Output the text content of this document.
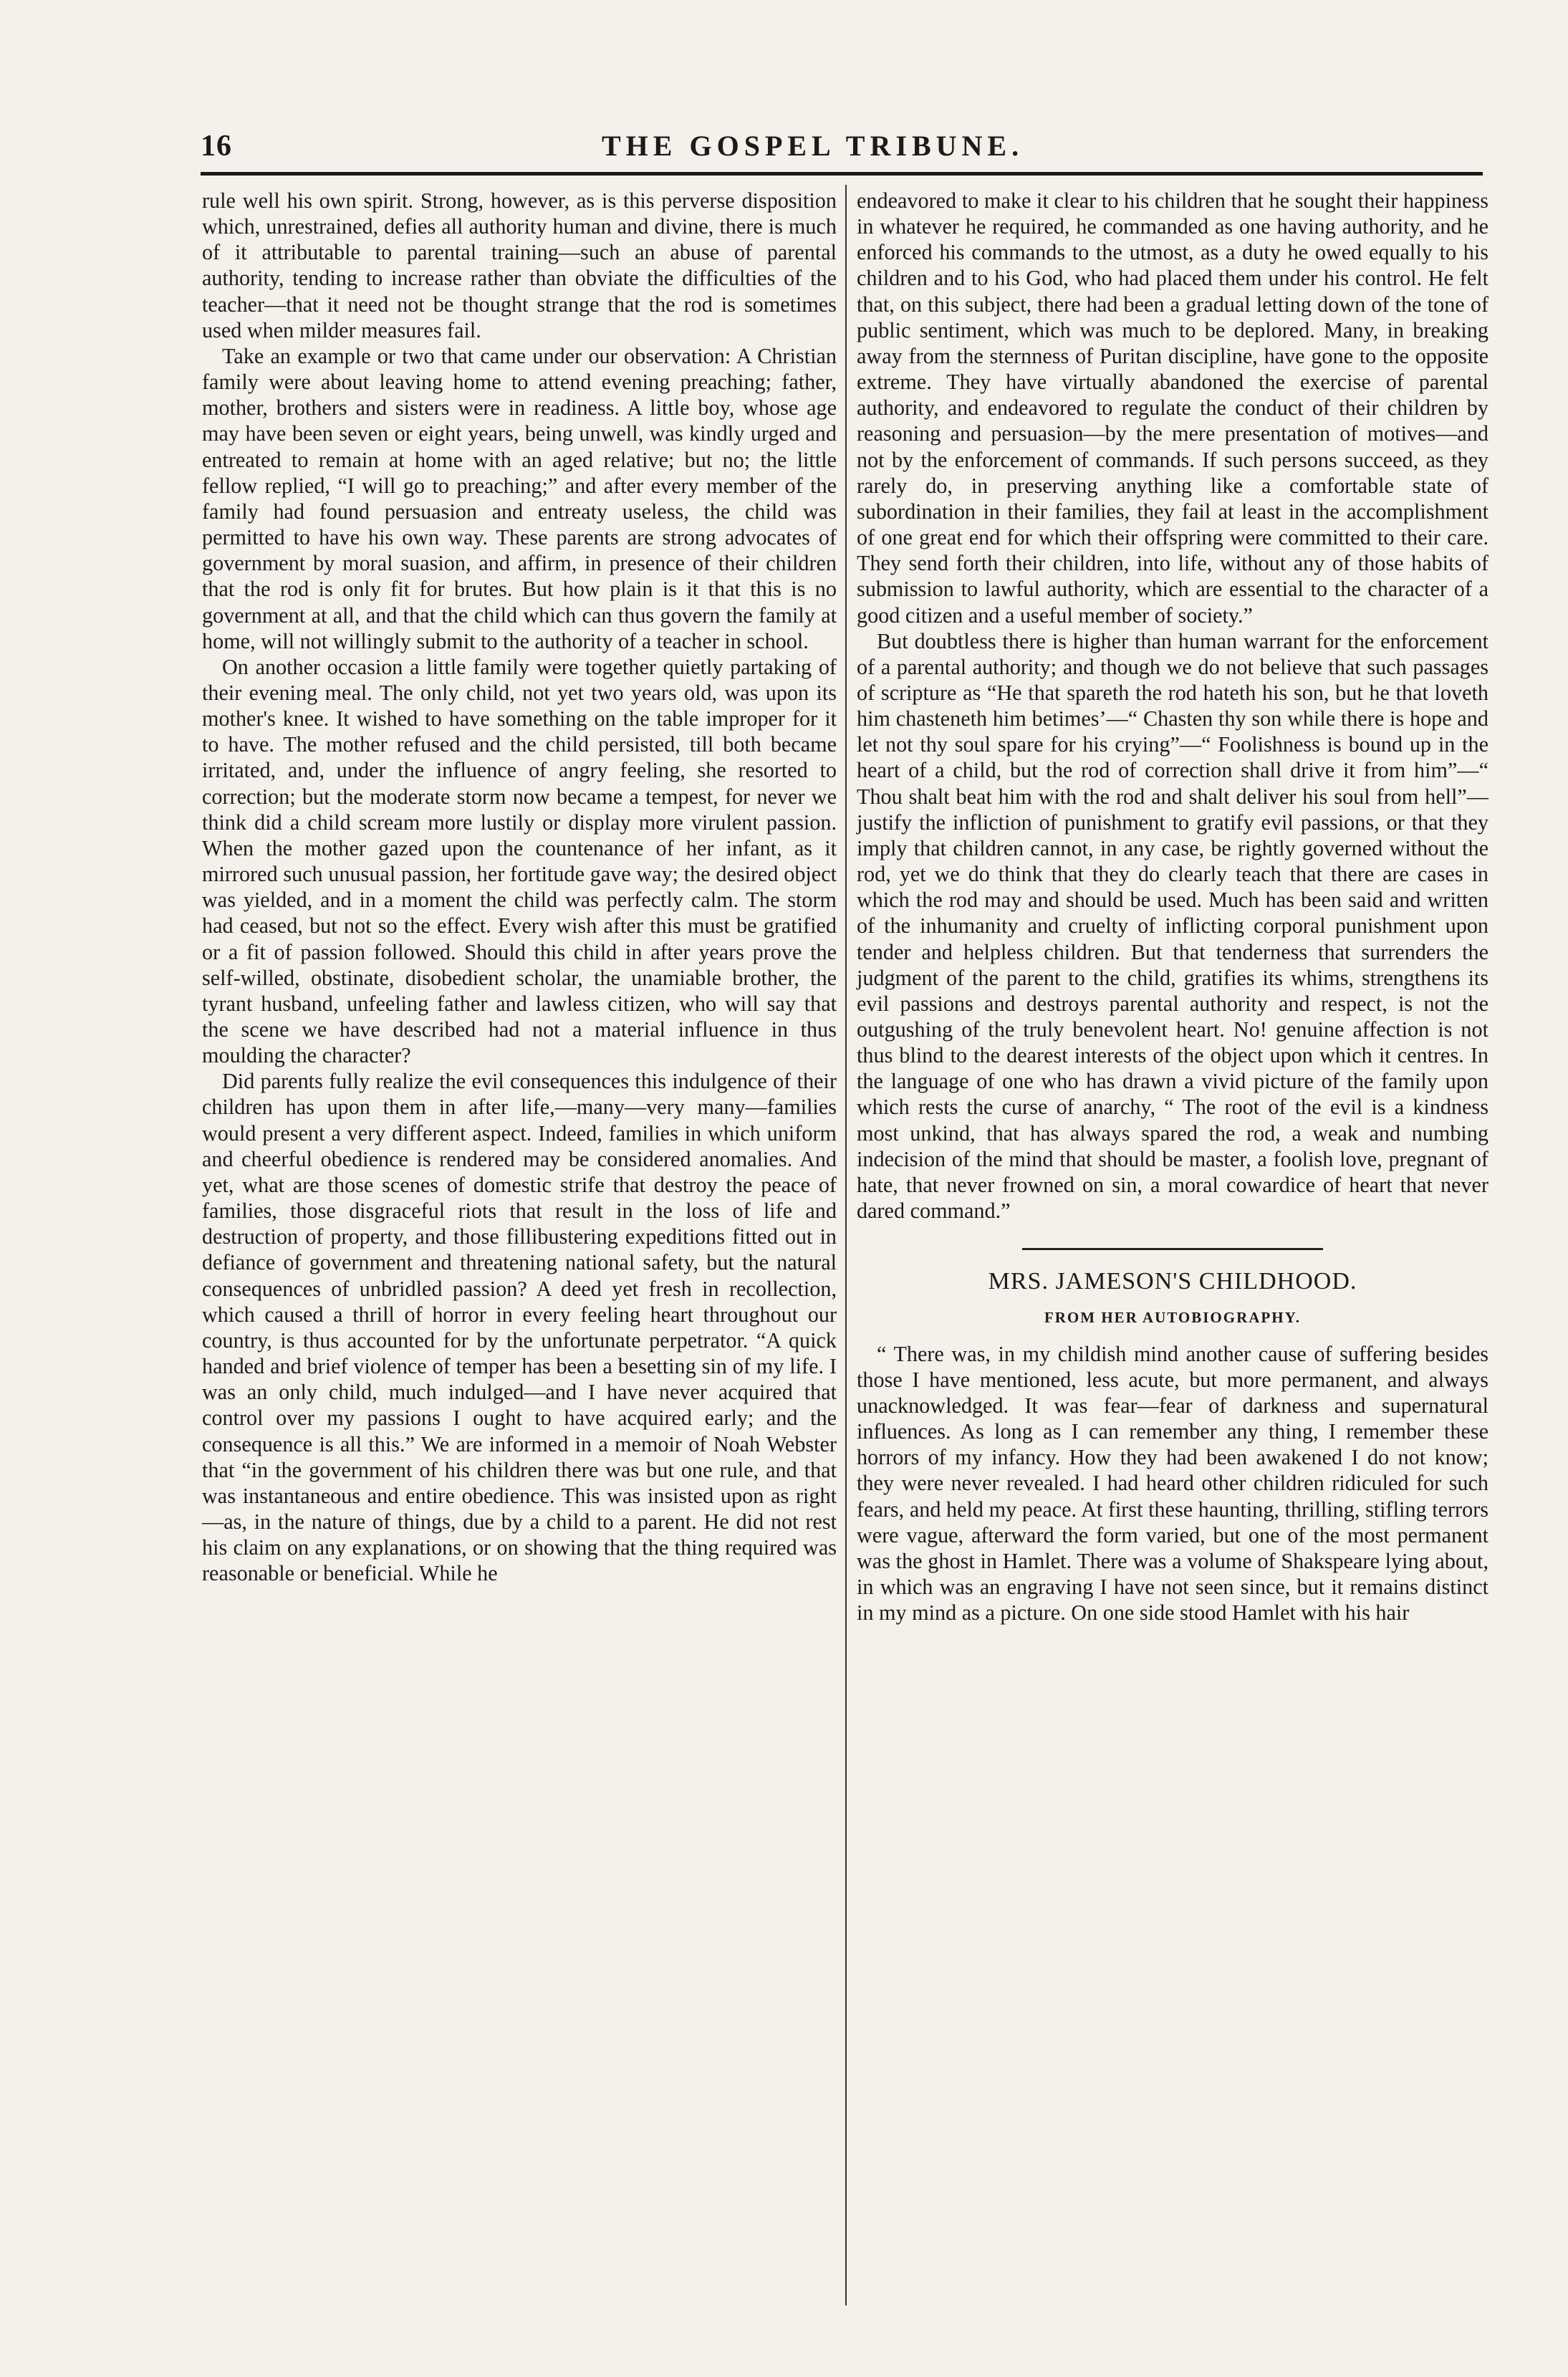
16	THE GOSPEL TRIBUNE.

rule well his own spirit. Strong, however, as is this perverse disposition which, unrestrained, defies all authority human and divine, there is much of it attributable to parental training—such an abuse of parental authority, tending to increase rather than obviate the difficulties of the teacher—that it need not be thought strange that the rod is sometimes used when milder measures fail.

Take an example or two that came under our observation: A Christian family were about leaving home to attend evening preaching; father, mother, brothers and sisters were in readiness. A little boy, whose age may have been seven or eight years, being unwell, was kindly urged and entreated to remain at home with an aged relative; but no; the little fellow replied, “I will go to preaching;” and after every member of the family had found persuasion and entreaty useless, the child was permitted to have his own way. These parents are strong advocates of government by moral suasion, and affirm, in presence of their children that the rod is only fit for brutes. But how plain is it that this is no government at all, and that the child which can thus govern the family at home, will not willingly submit to the authority of a teacher in school.

On another occasion a little family were together quietly partaking of their evening meal. The only child, not yet two years old, was upon its mother's knee. It wished to have something on the table improper for it to have. The mother refused and the child persisted, till both became irritated, and, under the influence of angry feeling, she resorted to correction; but the moderate storm now became a tempest, for never we think did a child scream more lustily or display more virulent passion. When the mother gazed upon the countenance of her infant, as it mirrored such unusual passion, her fortitude gave way; the desired object was yielded, and in a moment the child was perfectly calm. The storm had ceased, but not so the effect. Every wish after this must be gratified or a fit of passion followed. Should this child in after years prove the self-willed, obstinate, disobedient scholar, the unamiable brother, the tyrant husband, unfeeling father and lawless citizen, who will say that the scene we have described had not a material influence in thus moulding the character?

Did parents fully realize the evil consequences this indulgence of their children has upon them in after life,—many—very many—families would present a very different aspect. Indeed, families in which uniform and cheerful obedience is rendered may be considered anomalies. And yet, what are those scenes of domestic strife that destroy the peace of families, those disgraceful riots that result in the loss of life and destruction of property, and those fillibustering expeditions fitted out in defiance of government and threatening national safety, but the natural consequences of unbridled passion? A deed yet fresh in recollection, which caused a thrill of horror in every feeling heart throughout our country, is thus accounted for by the unfortunate perpetrator. “A quick handed and brief violence of temper has been a besetting sin of my life. I was an only child, much indulged—and I have never acquired that control over my passions I ought to have acquired early; and the consequence is all this.” We are informed in a memoir of Noah Webster that “in the government of his children there was but one rule, and that was instantaneous and entire obedience. This was insisted upon as right—as, in the nature of things, due by a child to a parent. He did not rest his claim on any explanations, or on showing that the thing required was reasonable or beneficial. While he

endeavored to make it clear to his children that he sought their happiness in whatever he required, he commanded as one having authority, and he enforced his commands to the utmost, as a duty he owed equally to his children and to his God, who had placed them under his control. He felt that, on this subject, there had been a gradual letting down of the tone of public sentiment, which was much to be deplored. Many, in breaking away from the sternness of Puritan discipline, have gone to the opposite extreme. They have virtually abandoned the exercise of parental authority, and endeavored to regulate the conduct of their children by reasoning and persuasion—by the mere presentation of motives—and not by the enforcement of commands. If such persons succeed, as they rarely do, in preserving anything like a comfortable state of subordination in their families, they fail at least in the accomplishment of one great end for which their offspring were committed to their care. They send forth their children, into life, without any of those habits of submission to lawful authority, which are essential to the character of a good citizen and a useful member of society.”

But doubtless there is higher than human warrant for the enforcement of a parental authority; and though we do not believe that such passages of scripture as “He that spareth the rod hateth his son, but he that loveth him chasteneth him betimes’—“ Chasten thy son while there is hope and let not thy soul spare for his crying”—“ Foolishness is bound up in the heart of a child, but the rod of correction shall drive it from him”—“ Thou shalt beat him with the rod and shalt deliver his soul from hell”—justify the infliction of punishment to gratify evil passions, or that they imply that children cannot, in any case, be rightly governed without the rod, yet we do think that they do clearly teach that there are cases in which the rod may and should be used. Much has been said and written of the inhumanity and cruelty of inflicting corporal punishment upon tender and helpless children. But that tenderness that surrenders the judgment of the parent to the child, gratifies its whims, strengthens its evil passions and destroys parental authority and respect, is not the outgushing of the truly benevolent heart. No! genuine affection is not thus blind to the dearest interests of the object upon which it centres. In the language of one who has drawn a vivid picture of the family upon which rests the curse of anarchy, “ The root of the evil is a kindness most unkind, that has always spared the rod, a weak and numbing indecision of the mind that should be master, a foolish love, pregnant of hate, that never frowned on sin, a moral cowardice of heart that never dared command.”

MRS. JAMESON'S CHILDHOOD.
FROM HER AUTOBIOGRAPHY.

“ There was, in my childish mind another cause of suffering besides those I have mentioned, less acute, but more permanent, and always unacknowledged. It was fear—fear of darkness and supernatural influences. As long as I can remember any thing, I remember these horrors of my infancy. How they had been awakened I do not know; they were never revealed. I had heard other children ridiculed for such fears, and held my peace. At first these haunting, thrilling, stifling terrors were vague, afterward the form varied, but one of the most permanent was the ghost in Hamlet. There was a volume of Shakspeare lying about, in which was an engraving I have not seen since, but it remains distinct in my mind as a picture. On one side stood Hamlet with his hair
